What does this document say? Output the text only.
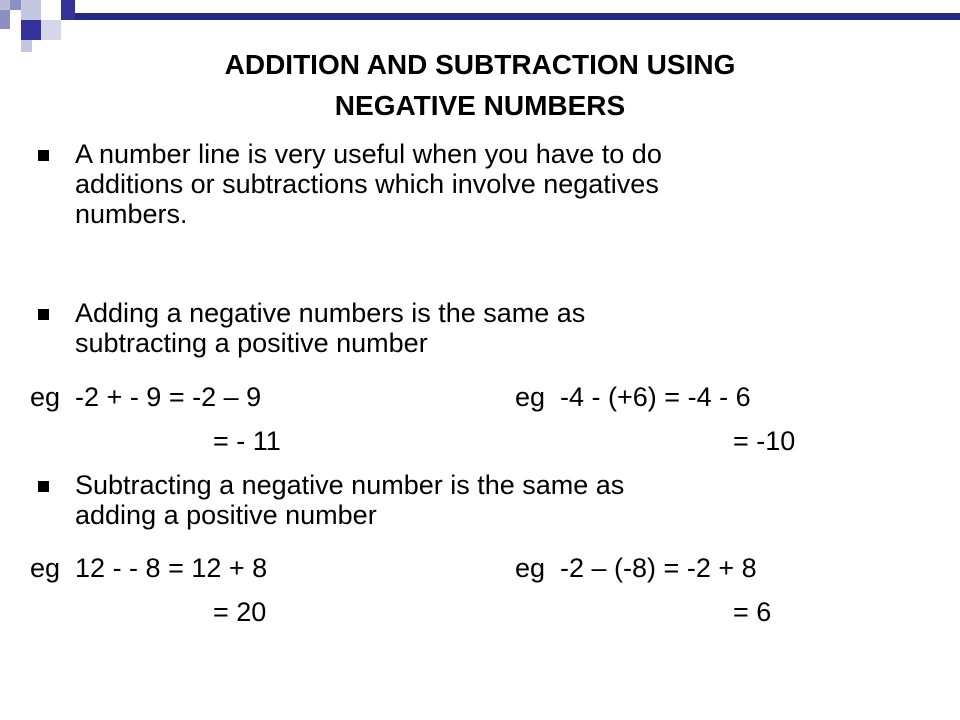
ADDITION AND SUBTRACTION USING
NEGATIVE NUMBERS
A number line is very useful when you have to do
additions or subtractions which involve negatives
numbers.
Adding a negative numbers is the same as
subtracting a positive number
eg  -2 + - 9 = -2 – 9	eg  -4 - (+6) = -4 - 6
= - 11	= -10
Subtracting a negative number is the same as
adding a positive number
eg  12 - - 8 = 12 + 8	eg  -2 – (-8) = -2 + 8
= 20	= 6
